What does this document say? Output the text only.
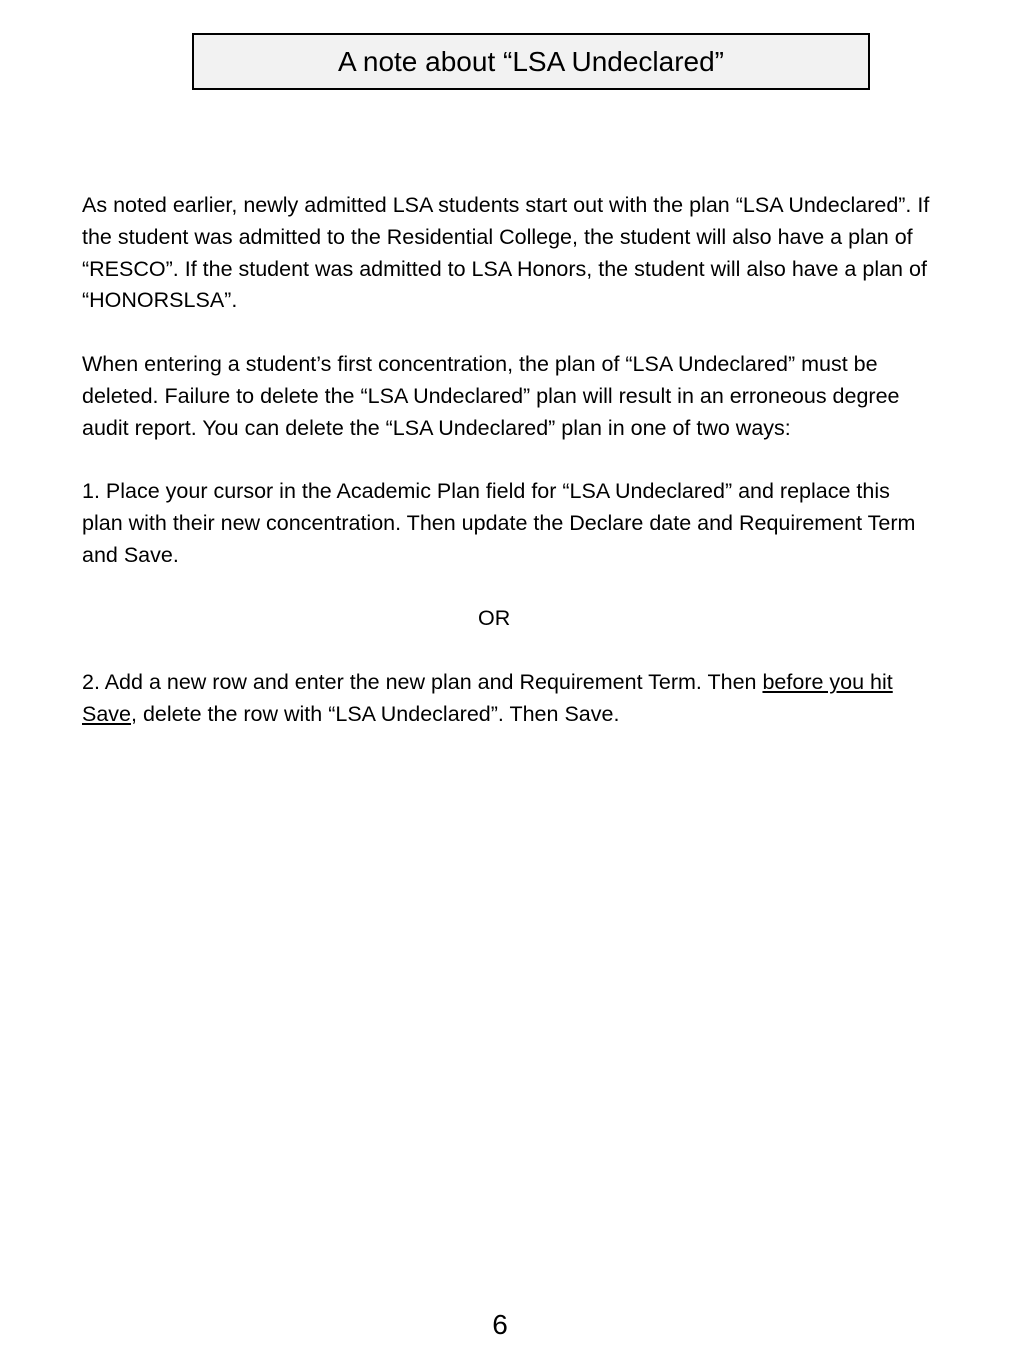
A note about “LSA Undeclared”

As noted earlier, newly admitted LSA students start out with the plan “LSA Undeclared”. If the student was admitted to the Residential College, the student will also have a plan of “RESCO”. If the student was admitted to LSA Honors, the student will also have a plan of “HONORSLSA”.

When entering a student’s first concentration, the plan of “LSA Undeclared” must be deleted. Failure to delete the “LSA Undeclared” plan will result in an erroneous degree audit report. You can delete the “LSA Undeclared” plan in one of two ways:

1. Place your cursor in the Academic Plan field for “LSA Undeclared” and replace this plan with their new concentration. Then update the Declare date and Requirement Term and Save.

OR

2. Add a new row and enter the new plan and Requirement Term. Then before you hit Save, delete the row with “LSA Undeclared”. Then Save.

6
